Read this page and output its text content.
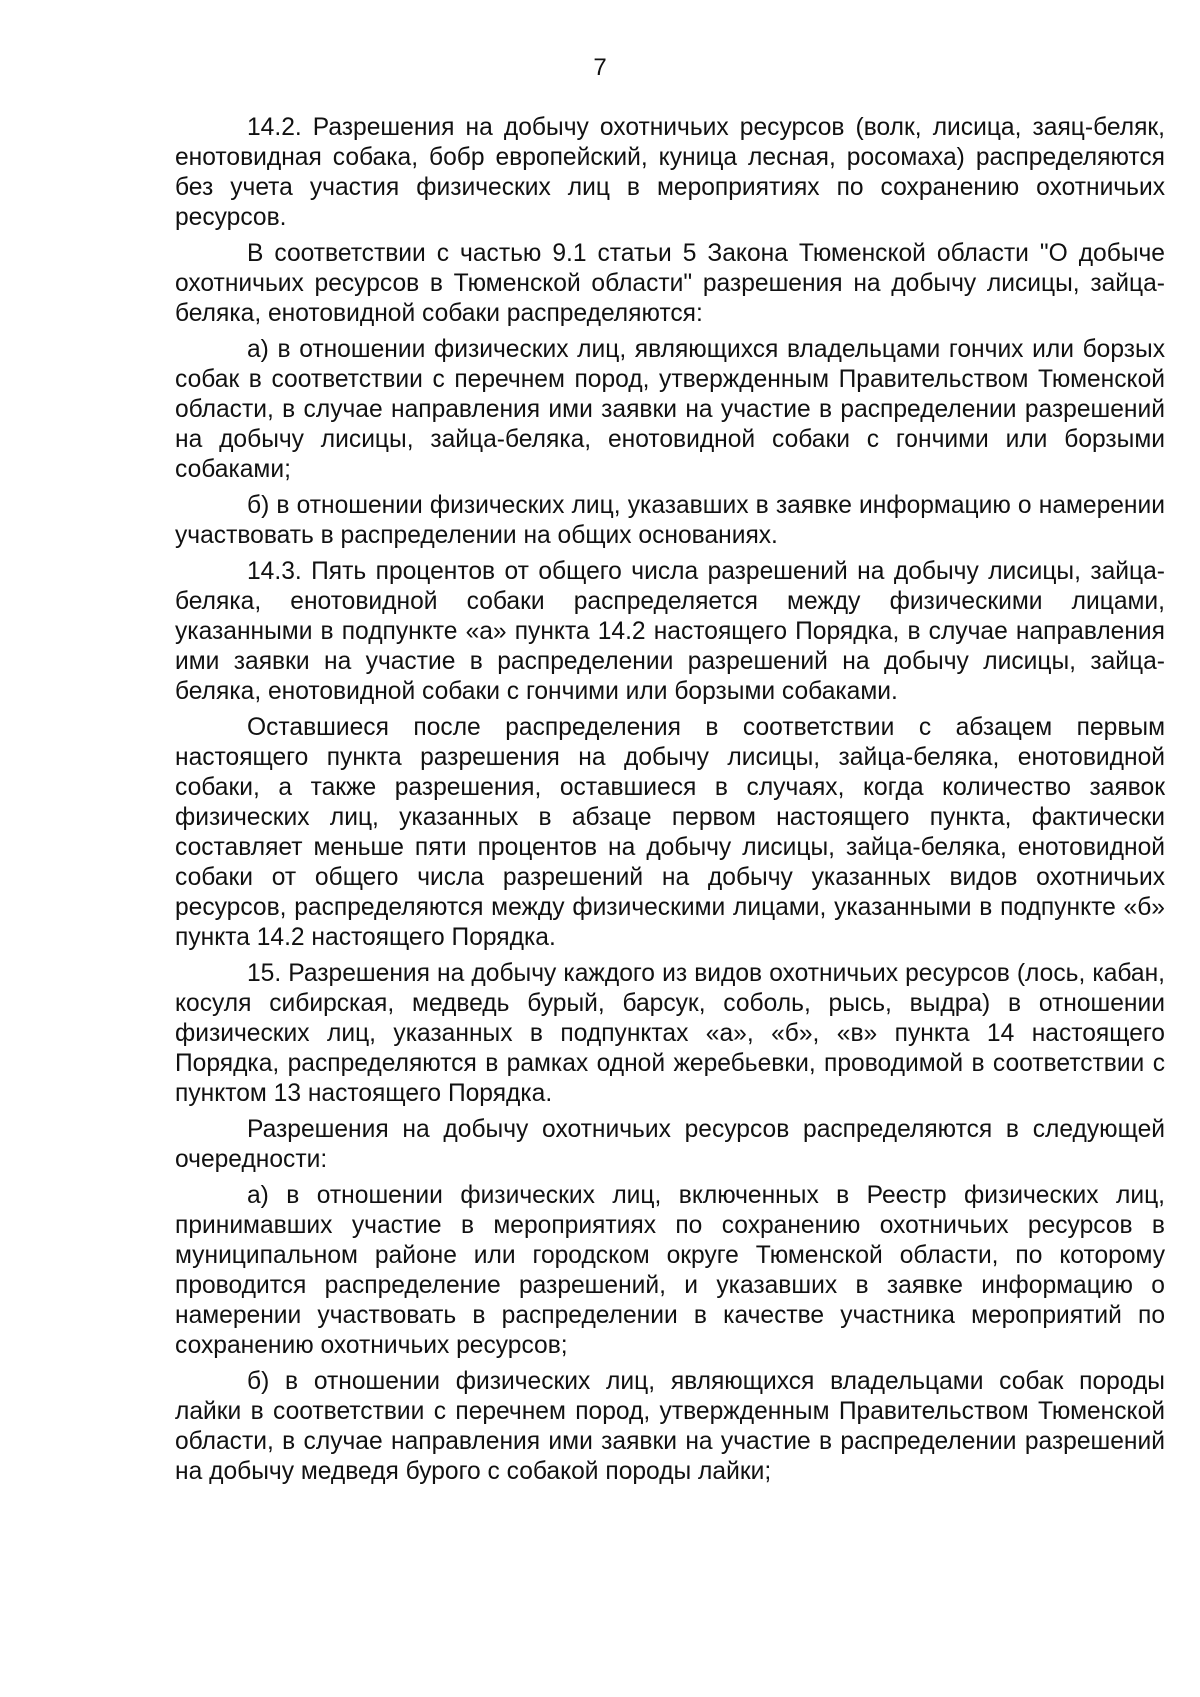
7

14.2. Разрешения на добычу охотничьих ресурсов (волк, лисица, заяц-беляк, енотовидная собака, бобр европейский, куница лесная, росомаха) распределяются без учета участия физических лиц в мероприятиях по сохранению охотничьих ресурсов.

В соответствии с частью 9.1 статьи 5 Закона Тюменской области "О добыче охотничьих ресурсов в Тюменской области" разрешения на добычу лисицы, зайца-беляка, енотовидной собаки распределяются:

а) в отношении физических лиц, являющихся владельцами гончих или борзых собак в соответствии с перечнем пород, утвержденным Правительством Тюменской области, в случае направления ими заявки на участие в распределении разрешений на добычу лисицы, зайца-беляка, енотовидной собаки с гончими или борзыми собаками;

б) в отношении физических лиц, указавших в заявке информацию о намерении участвовать в распределении на общих основаниях.

14.3. Пять процентов от общего числа разрешений на добычу лисицы, зайца-беляка, енотовидной собаки распределяется между физическими лицами, указанными в подпункте «а» пункта 14.2 настоящего Порядка, в случае направления ими заявки на участие в распределении разрешений на добычу лисицы, зайца-беляка, енотовидной собаки с гончими или борзыми собаками.

Оставшиеся после распределения в соответствии с абзацем первым настоящего пункта разрешения на добычу лисицы, зайца-беляка, енотовидной собаки, а также разрешения, оставшиеся в случаях, когда количество заявок физических лиц, указанных в абзаце первом настоящего пункта, фактически составляет меньше пяти процентов на добычу лисицы, зайца-беляка, енотовидной собаки от общего числа разрешений на добычу указанных видов охотничьих ресурсов, распределяются между физическими лицами, указанными в подпункте «б» пункта 14.2 настоящего Порядка.

15. Разрешения на добычу каждого из видов охотничьих ресурсов (лось, кабан, косуля сибирская, медведь бурый, барсук, соболь, рысь, выдра) в отношении физических лиц, указанных в подпунктах «а», «б», «в» пункта 14 настоящего Порядка, распределяются в рамках одной жеребьевки, проводимой в соответствии с пунктом 13 настоящего Порядка.

Разрешения на добычу охотничьих ресурсов распределяются в следующей очередности:

а) в отношении физических лиц, включенных в Реестр физических лиц, принимавших участие в мероприятиях по сохранению охотничьих ресурсов в муниципальном районе или городском округе Тюменской области, по которому проводится распределение разрешений, и указавших в заявке информацию о намерении участвовать в распределении в качестве участника мероприятий по сохранению охотничьих ресурсов;

б) в отношении физических лиц, являющихся владельцами собак породы лайки в соответствии с перечнем пород, утвержденным Правительством Тюменской области, в случае направления ими заявки на участие в распределении разрешений на добычу медведя бурого с собакой породы лайки;
